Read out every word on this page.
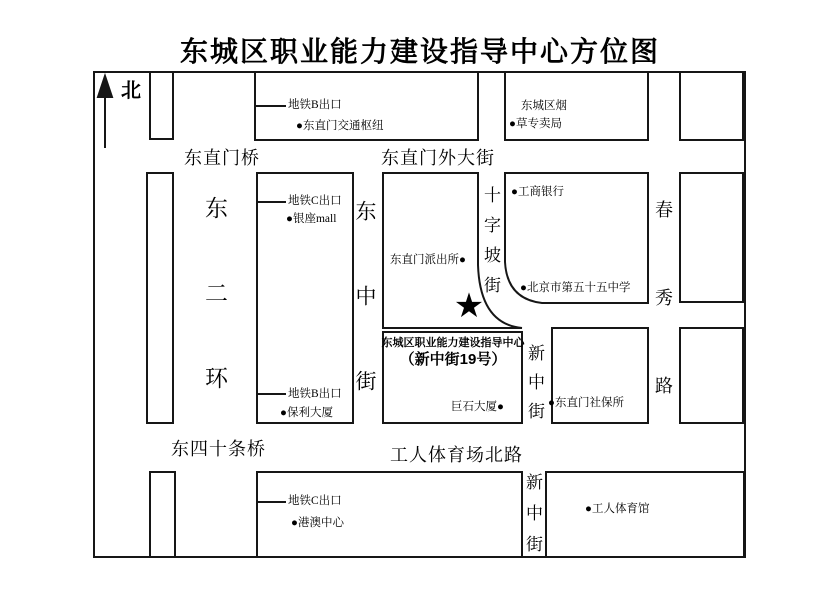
东城区职业能力建设指导中心方位图
北
东直门桥	东直门外大街
东四十条桥	工人体育场北路
东二环	东中街	十字坡街	春秀路
新中街
新中街
地铁B出口
●东直门交通枢纽
东城区烟
●草专卖局
地铁C出口
●银座mall
东直门派出所●
●工商银行
●北京市第五十五中学
地铁B出口
●保利大厦	巨石大厦●	●东直门社保所
地铁C出口
●港澳中心
●工人体育馆
★
东城区职业能力建设指导中心
（新中街19号）
